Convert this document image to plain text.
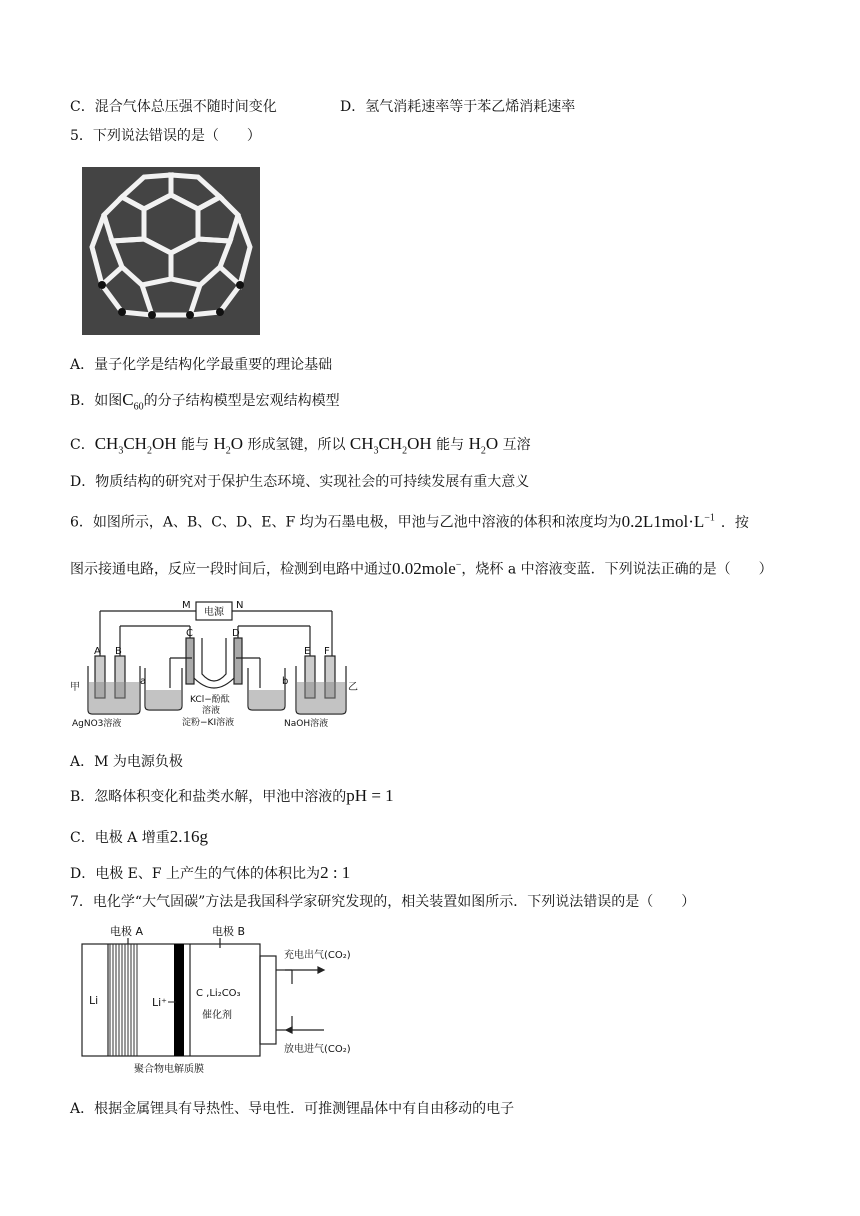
C．混合气体总压强不随时间变化	D．氢气消耗速率等于苯乙烯消耗速率
5．下列说法错误的是（　　）
A．量子化学是结构化学最重要的理论基础
B．如图$C_{60}$的分子结构模型是宏观结构模型
C．$CH_3CH_2OH$ 能与 $H_2O$ 形成氢键，所以 $CH_3CH_2OH$ 能与 $H_2O$ 互溶
D．物质结构的研究对于保护生态环境、实现社会的可持续发展有重大意义
6．如图所示，A、B、C、D、E、F 均为石墨电极，甲池与乙池中溶液的体积和浓度均为$0.2L1mol\cdot L^{-1}$ ．按
图示接通电路，反应一段时间后，检测到电路中通过0.02mole−，烧杯 a 中溶液变蓝．下列说法正确的是（　　）
电源
M	N
C	D
A B	E F
a	b
甲	乙
AgNO3溶液
KCl−酚酞
溶液
淀粉−KI溶液	NaOH溶液
A．M 为电源负极
B．忽略体积变化和盐类水解，甲池中溶液的pH = 1
C．电极 A 增重2.16g
D．电极 E、F 上产生的气体的体积比为2 : 1
7．电化学“大气固碳”方法是我国科学家研究发现的，相关装置如图所示．下列说法错误的是（　　）
电极 A	电极 B
Li	Li⁺
C ,Li₂CO₃
催化剂
充电出气(CO₂)
放电进气(CO₂)
聚合物电解质膜
A．根据金属锂具有导热性、导电性．可推测锂晶体中有自由移动的电子
